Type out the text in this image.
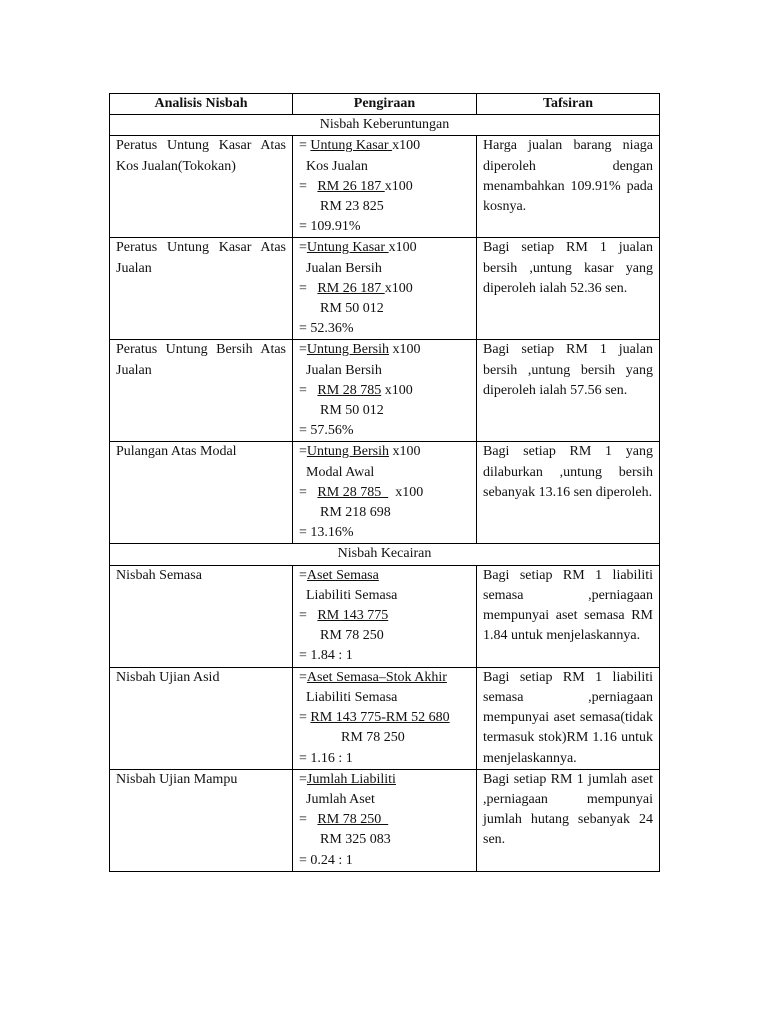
Analisis Nisbah	Pengiraan	Tafsiran
Nisbah Keberuntungan		
Peratus Untung Kasar Atas Kos Jualan(Tokokan)	= Untung Kasar x100
Kos Jualan
=   RM 26 187 x100
RM 23 825
= 109.91%	Harga jualan barang niaga diperoleh dengan menambahkan 109.91% pada kosnya.
Peratus Untung Kasar Atas Jualan	=Untung Kasar x100
Jualan Bersih
=   RM 26 187 x100
RM 50 012
= 52.36%	Bagi setiap RM 1 jualan bersih ,untung kasar yang diperoleh ialah 52.36 sen.
Peratus Untung Bersih Atas Jualan	=Untung Bersih x100
Jualan Bersih
=   RM 28 785 x100
RM 50 012
= 57.56%	Bagi setiap RM 1 jualan bersih ,untung bersih yang diperoleh ialah 57.56 sen.
Pulangan Atas Modal	=Untung Bersih x100
Modal Awal
=   RM 28 785    x100
RM 218 698
= 13.16%	Bagi setiap RM 1 yang dilaburkan ,untung bersih sebanyak 13.16 sen diperoleh.
Nisbah Kecairan		
Nisbah Semasa	=Aset Semasa
Liabiliti Semasa
=   RM 143 775
RM 78 250
= 1.84 : 1	Bagi setiap RM 1 liabiliti semasa ,perniagaan mempunyai aset semasa RM 1.84 untuk menjelaskannya.
Nisbah Ujian Asid	=Aset Semasa–Stok Akhir
Liabiliti Semasa
= RM 143 775-RM 52 680
RM 78 250
= 1.16 : 1	Bagi setiap RM 1 liabiliti semasa ,perniagaan mempunyai aset semasa(tidak termasuk stok)RM 1.16 untuk menjelaskannya.
Nisbah Ujian Mampu	=Jumlah Liabiliti
Jumlah Aset
=   RM 78 250
RM 325 083
= 0.24 : 1	Bagi setiap RM 1 jumlah aset ,perniagaan mempunyai jumlah hutang sebanyak 24 sen.
